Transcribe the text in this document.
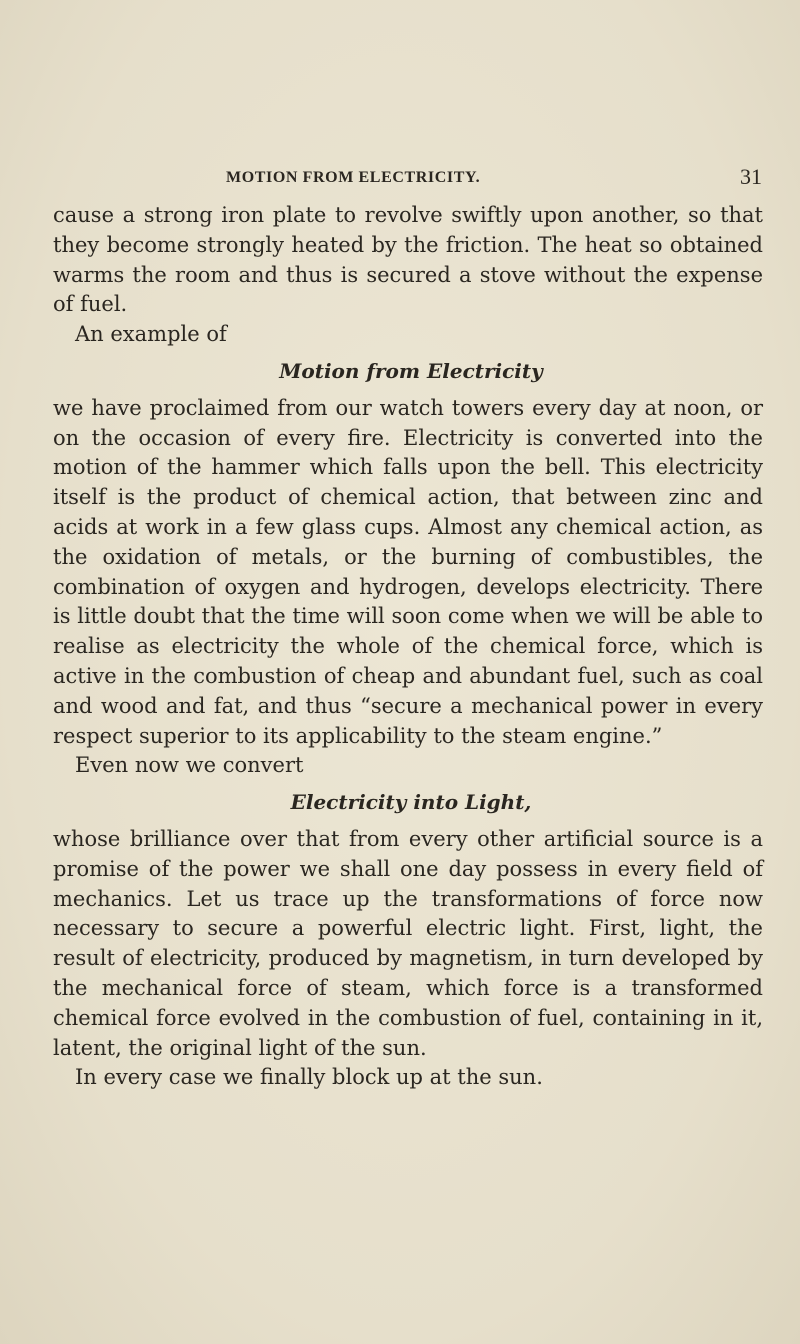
MOTION FROM ELECTRICITY.	31

cause a strong iron plate to revolve swiftly upon another, so that they become strongly heated by the friction. The heat so obtained warms the room and thus is secured a stove without the expense of fuel.

An example of

Motion from Electricity

we have proclaimed from our watch towers every day at noon, or on the occasion of every fire. Electricity is converted into the motion of the hammer which falls upon the bell. This electricity itself is the product of chemical action, that between zinc and acids at work in a few glass cups. Almost any chemical action, as the oxidation of metals, or the burning of combustibles, the combination of oxygen and hydrogen, develops electricity. There is little doubt that the time will soon come when we will be able to realise as electricity the whole of the chemical force, which is active in the combustion of cheap and abundant fuel, such as coal and wood and fat, and thus “secure a mechanical power in every respect superior to its applicability to the steam engine.”

Even now we convert

Electricity into Light,

whose brilliance over that from every other artificial source is a promise of the power we shall one day possess in every field of mechanics. Let us trace up the transformations of force now necessary to secure a powerful electric light. First, light, the result of electricity, produced by magnetism, in turn developed by the mechanical force of steam, which force is a transformed chemical force evolved in the combustion of fuel, containing in it, latent, the original light of the sun.

In every case we finally block up at the sun.
